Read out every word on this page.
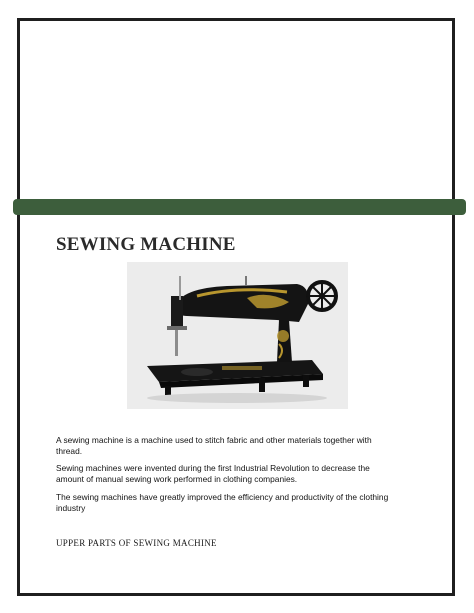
SEWING MACHINE

A sewing machine is a machine used to stitch fabric and other materials together with thread.

Sewing machines were invented during the first Industrial Revolution to decrease the amount of manual sewing work performed in clothing companies.

The sewing machines have greatly improved the efficiency and productivity of the clothing industry

UPPER PARTS OF SEWING MACHINE
